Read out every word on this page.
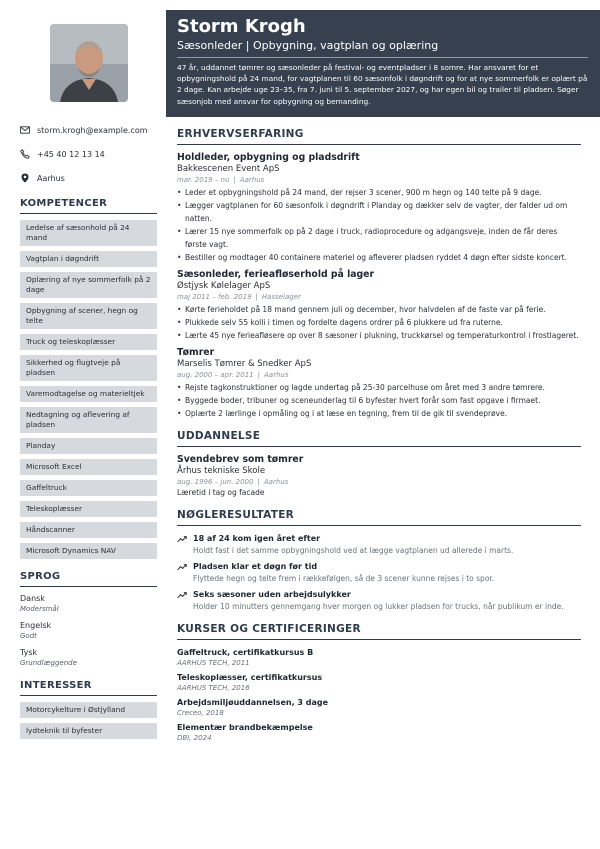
storm.krogh@example.com
+45 40 12 13 14
Aarhus
KOMPETENCER
Ledelse af sæsonhold på 24 mand
Vagtplan i døgndrift
Oplæring af nye sommerfolk på 2 dage
Opbygning af scener, hegn og telte
Truck og teleskoplæsser
Sikkerhed og flugtveje på pladsen
Varemodtagelse og materieltjek
Nedtagning og aflevering af pladsen
Planday
Microsoft Excel
Gaffeltruck
Teleskoplæsser
Håndscanner
Microsoft Dynamics NAV
SPROG
Dansk
Modersmål
Engelsk
Godt
Tysk
Grundlæggende
INTERESSER
Motorcykelture i Østjylland
lydteknik til byfester
Storm Krogh
Sæsonleder | Opbygning, vagtplan og oplæring
47 år, uddannet tømrer og sæsonleder på festival- og eventpladser i 8 somre. Har ansvaret for et opbygningshold på 24 mand, for vagtplanen til 60 sæsonfolk i døgndrift og for at nye sommerfolk er oplært på 2 dage. Kan arbejde uge 23–35, fra 7. juni til 5. september 2027, og har egen bil og trailer til pladsen. Søger sæsonjob med ansvar for opbygning og bemanding.
ERHVERVSERFARING
Holdleder, opbygning og pladsdrift
Bakkescenen Event ApS
mar. 2019 – nu | Aarhus
• Leder et opbygningshold på 24 mand, der rejser 3 scener, 900 m hegn og 140 telte på 9 dage.
• Lægger vagtplanen for 60 sæsonfolk i døgndrift i Planday og dækker selv de vagter, der falder ud om natten.
• Lærer 15 nye sommerfolk op på 2 dage i truck, radioprocedure og adgangsveje, inden de får deres første vagt.
• Bestiller og modtager 40 containere materiel og afleverer pladsen ryddet 4 døgn efter sidste koncert.
Sæsonleder, ferieafløserhold på lager
Østjysk Kølelager ApS
maj 2011 – feb. 2019 | Hasselager
• Kørte ferieholdet på 18 mand gennem juli og december, hvor halvdelen af de faste var på ferie.
• Plukkede selv 55 kolli i timen og fordelte dagens ordrer på 6 plukkere ud fra ruterne.
• Lærte 45 nye ferieafløsere op over 8 sæsoner i plukning, truckkørsel og temperaturkontrol i frostlageret.
Tømrer
Marselis Tømrer & Snedker ApS
aug. 2000 – apr. 2011 | Aarhus
• Rejste tagkonstruktioner og lagde undertag på 25-30 parcelhuse om året med 3 andre tømrere.
• Byggede boder, tribuner og sceneunderlag til 6 byfester hvert forår som fast opgave i firmaet.
• Oplærte 2 lærlinge i opmåling og i at læse en tegning, frem til de gik til svendeprøve.
UDDANNELSE
Svendebrev som tømrer
Århus tekniske Skole
aug. 1996 – jun. 2000 | Aarhus
Læretid i tag og facade
NØGLERESULTATER
18 af 24 kom igen året efter
Holdt fast i det samme opbygningshold ved at lægge vagtplanen ud allerede i marts.
Pladsen klar et døgn før tid
Flyttede hegn og telte frem i rækkefølgen, så de 3 scener kunne rejses i to spor.
Seks sæsoner uden arbejdsulykker
Holder 10 minutters gennemgang hver morgen og lukker pladsen for trucks, når publikum er inde.
KURSER OG CERTIFICERINGER
Gaffeltruck, certifikatkursus B
AARHUS TECH, 2011
Teleskoplæsser, certifikatkursus
AARHUS TECH, 2016
Arbejdsmiljøuddannelsen, 3 dage
Creceo, 2018
Elementær brandbekæmpelse
DBI, 2024
